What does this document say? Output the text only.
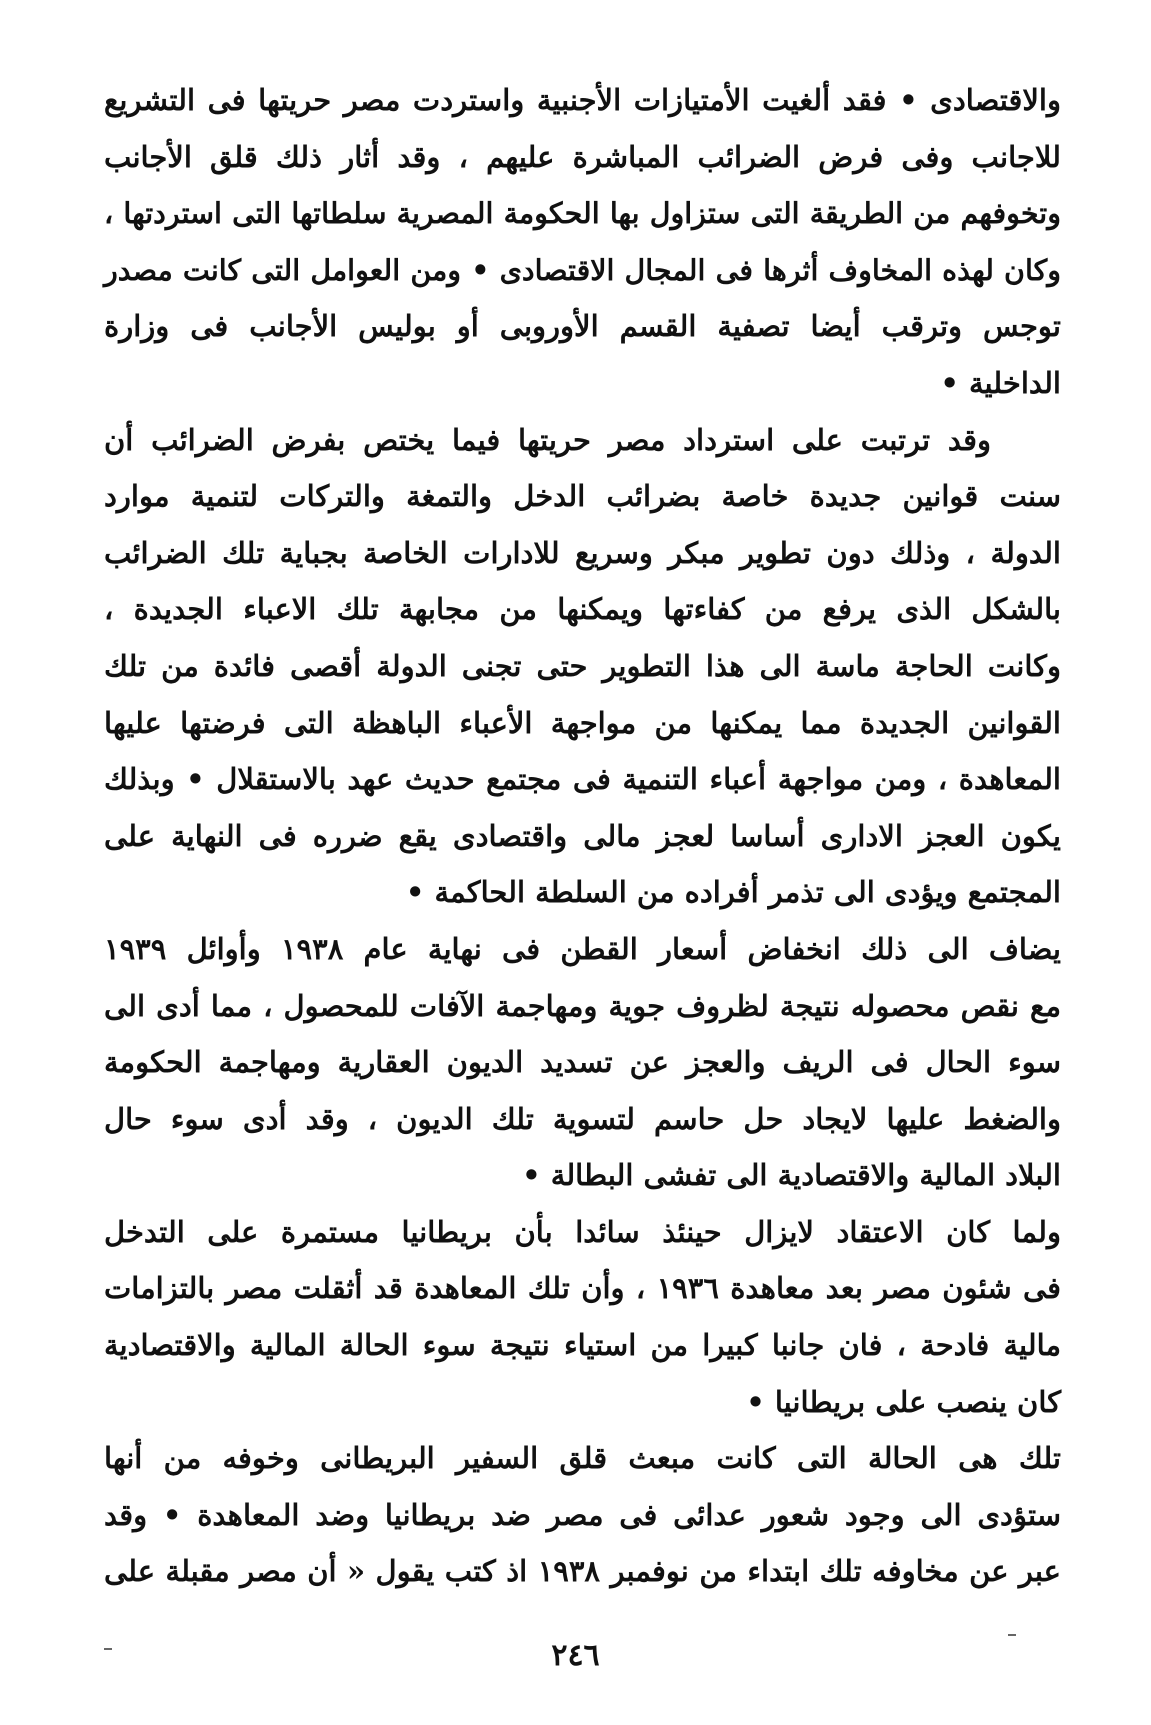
والاقتصادى • فقد ألغيت الأمتيازات الأجنبية واستردت مصر حريتها فى التشريع
للاجانب وفى فرض الضرائب المباشرة عليهم ، وقد أثار ذلك قلق الأجانب
وتخوفهم من الطريقة التى ستزاول بها الحكومة المصرية سلطاتها التى استردتها ،
وكان لهذه المخاوف أثرها فى المجال الاقتصادى • ومن العوامل التى كانت مصدر
توجس وترقب أيضا تصفية القسم الأوروبى أو بوليس الأجانب فى وزارة
الداخلية •
وقد ترتبت على استرداد مصر حريتها فيما يختص بفرض الضرائب أن
سنت قوانين جديدة خاصة بضرائب الدخل والتمغة والتركات لتنمية موارد
الدولة ، وذلك دون تطوير مبكر وسريع للادارات الخاصة بجباية تلك الضرائب
بالشكل الذى يرفع من كفاءتها ويمكنها من مجابهة تلك الاعباء الجديدة ،
وكانت الحاجة ماسة الى هذا التطوير حتى تجنى الدولة أقصى فائدة من تلك
القوانين الجديدة مما يمكنها من مواجهة الأعباء الباهظة التى فرضتها عليها
المعاهدة ، ومن مواجهة أعباء التنمية فى مجتمع حديث عهد بالاستقلال • وبذلك
يكون العجز الادارى أساسا لعجز مالى واقتصادى يقع ضرره فى النهاية على
المجتمع ويؤدى الى تذمر أفراده من السلطة الحاكمة •
يضاف الى ذلك انخفاض أسعار القطن فى نهاية عام ١٩٣٨ وأوائل ١٩٣٩
مع نقص محصوله نتيجة لظروف جوية ومهاجمة الآفات للمحصول ، مما أدى الى
سوء الحال فى الريف والعجز عن تسديد الديون العقارية ومهاجمة الحكومة
والضغط عليها لايجاد حل حاسم لتسوية تلك الديون ، وقد أدى سوء حال
البلاد المالية والاقتصادية الى تفشى البطالة •
ولما كان الاعتقاد لايزال حينئذ سائدا بأن بريطانيا مستمرة على التدخل
فى شئون مصر بعد معاهدة ١٩٣٦ ، وأن تلك المعاهدة قد أثقلت مصر بالتزامات
مالية فادحة ، فان جانبا كبيرا من استياء نتيجة سوء الحالة المالية والاقتصادية
كان ينصب على بريطانيا •
تلك هى الحالة التى كانت مبعث قلق السفير البريطانى وخوفه من أنها
ستؤدى الى وجود شعور عدائى فى مصر ضد بريطانيا وضد المعاهدة • وقد
عبر عن مخاوفه تلك ابتداء من نوفمبر ١٩٣٨ اذ كتب يقول « أن مصر مقبلة على
٢٤٦
